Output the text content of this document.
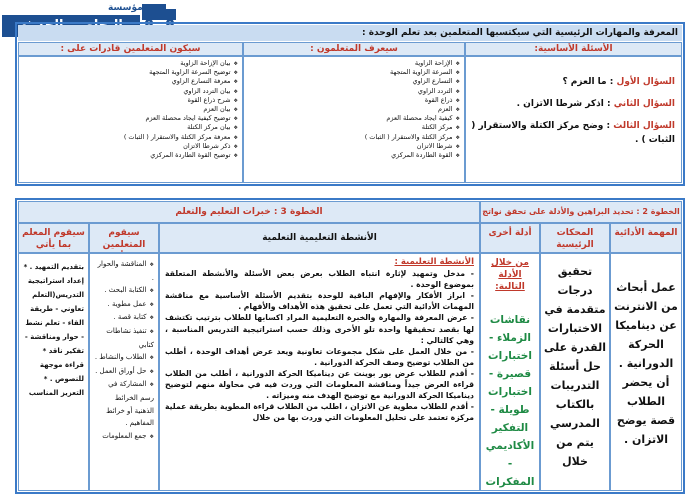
مؤسسة
المعرفة والمهارات الرئيسية التي سيكتسبها المتعلمين بعد تعلم الوحدة :
الأسئلة الأساسية:
سيعرف المتعلمون :
سيكون المتعلمين قادرات على :
السؤال الأول : ما العزم ؟
السؤال الثاني : اذكر شرطا الاتزان .
السؤال الثالث : وضح مركز الكتلة والاستقرار ( الثبات ) .
❖ الإزاحة الزاوية
❖ السرعة الزاوية المتجهة
❖ التسارع الزاوي
❖ التردد الزاوي
❖ ذراع القوة
❖ العزم
❖ كيفية ايجاد محصلة العزم
❖ مركز الكتلة
❖ مركز الكتلة والاستقرار ( الثبات )
❖ شرطا الاتزان
❖ القوة الطاردة المركزي
❖ بيان الإزاحة الزاوية
❖ توضيح السرعة الزاوية المتجهة
❖ معرفة التسارع الزاوي
❖ بيان التردد الزاوي
❖ شرح ذراع القوة
❖ بيان العزم
❖ توضيح كيفية ايجاد محصلة العزم
❖ بيان مركز الكتلة
❖ معرفة مركز الكتلة والاستقرار ( الثبات )
❖ ذكر شرطا الاتزان
❖ توضيح القوة الطاردة المركزي
الخطوة 2 : تحديد البراهين والأدلة على تحقق نواتج
الخطوة 3 : خبرات التعليم والتعلم
المهمة الأدائية
المحكات الرئيسية
أدلة أخرى
الأنشطة التعليمية التعلمية
سيقوم المتعلمين
سيقوم المعلم بما يأتي
عمل أبحاث من الانترنت عن ديناميكا الحركة الدورانية . أن يحضر الطلاب قصة يوضح الاتزان .
تحقيق درجات متقدمة في الاختبارات القدرة على حل أسئلة التدريبات بالكتاب المدرسي يتم من خلال
من خلال الأدلة التالية:
نقاشات الزملاء - اختبارات قصيرة - اختبارات طويلة - التفكير الأكاديمي - المفكرات
الأنشطة التعليمية :
- مدخل وتمهيد لإثارة انتباه الطلاب بعرض بعض الأسئلة والأنشطة المتعلقة بموضوع الوحدة .
- ابراز الأفكار والإفهام الباقية للوحدة بتقديم الأسئلة الأساسية مع مناقشة المهمات الأدائية التي تعمل على تحقيق هذه الأهداف والأفهام .
- عرض المعرفة والمهارة والخبرة التعليمية المراد اكسابها للطلاب بترتيب تكتشف لها بقصد تحقيقها واحدة تلو الأخرى وذلك حسب استراتيجية التدريس المناسبة ، وهي كالتالي :
- من خلال العمل على شكل مجموعات تعاونية ويعد عرض أهداف الوحدة ، أطلب من الطلاب توضيح وصف الحركة الدورانية .
- أقدم للطلاب عرض بور بوينت عن ديناميكا الحركة الدورانية ، أطلب من الطلاب قراءة العرض جيداً ومناقشة المعلومات التي وردت فيه في محاولة منهم لتوضيح ديناميكا الحركة الدورانية مع توضيح الهدف منه وميزاته .
- أقدم للطلاب مطوية عن الاتزان ، اطلب من الطلاب قراءة المطوية بطريقة عملية مركزة تعتمد على تحليل المعلومات التي وردت بها من خلال
❖ المناقشة والحوار .
❖ الكتابة البحث .
❖ عمل مطوية .
❖ كتابة قصة .
❖ تنفيذ نشاطات كتابي
❖ الطلاب والنشاط .
❖ حل أوراق العمل .
❖ المشاركة في رسم الخرائط الذهنية أو خرائط المفاهيم .
❖ جمع المعلومات
بتقديم التمهيد . * إعداد استراتيجية التدريس(التعلم تعاوني - طريقة القاء - تعلم نشط - حوار ومناقشة - تفكير ناقد * قراءة موجهة للنصوص . * التعزيز المناسب
